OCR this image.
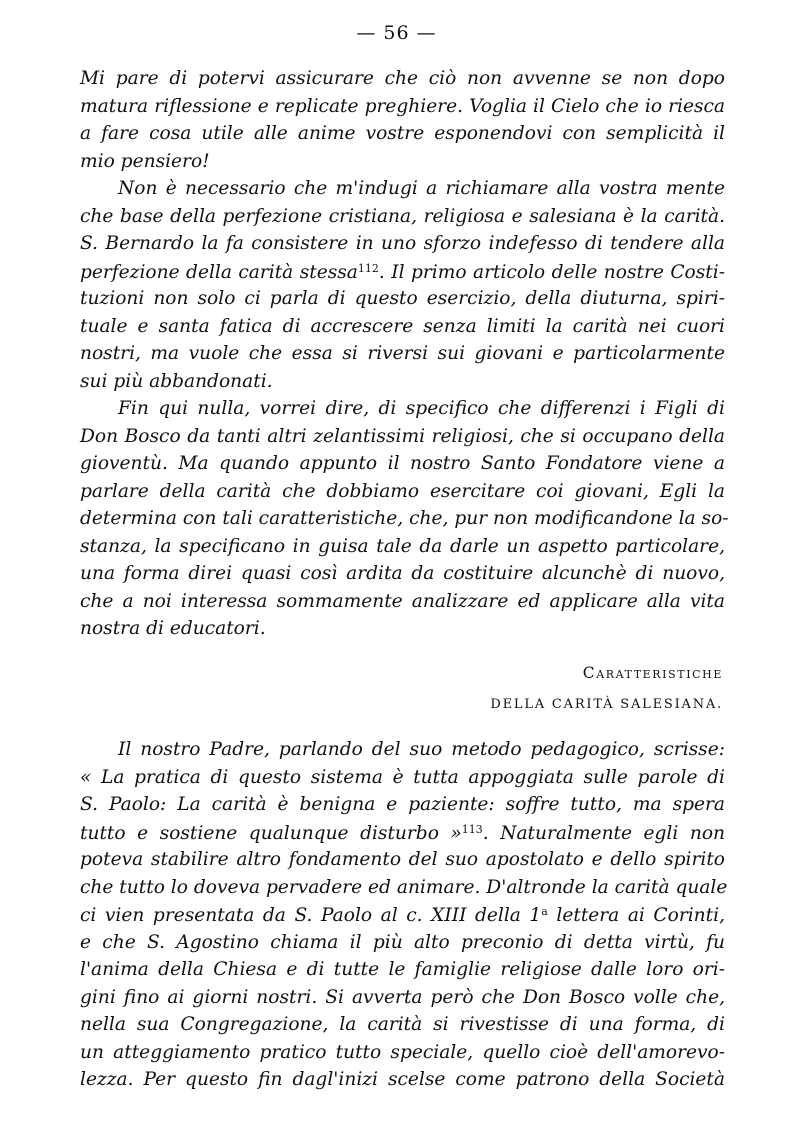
— 56 —
Mi pare di potervi assicurare che ciò non avvenne se non dopo
matura riflessione e replicate preghiere. Voglia il Cielo che io riesca
a fare cosa utile alle anime vostre esponendovi con semplicità il
mio pensiero!
Non è necessario che m'indugi a richiamare alla vostra mente
che base della perfezione cristiana, religiosa e salesiana è la carità.
S. Bernardo la fa consistere in uno sforzo indefesso di tendere alla
perfezione della carità stessa$^{112}$. Il primo articolo delle nostre Costi-
tuzioni non solo ci parla di questo esercizio, della diuturna, spiri-
tuale e santa fatica di accrescere senza limiti la carità nei cuori
nostri, ma vuole che essa si riversi sui giovani e particolarmente
sui più abbandonati.
Fin qui nulla, vorrei dire, di specifico che differenzi i Figli di
Don Bosco da tanti altri zelantissimi religiosi, che si occupano della
gioventù. Ma quando appunto il nostro Santo Fondatore viene a
parlare della carità che dobbiamo esercitare coi giovani, Egli la
determina con tali caratteristiche, che, pur non modificandone la so-
stanza, la specificano in guisa tale da darle un aspetto particolare,
una forma direi quasi così ardita da costituire alcunchè di nuovo,
che a noi interessa sommamente analizzare ed applicare alla vita
nostra di educatori.
Caratteristiche
DELLA CARITÀ SALESIANA.
Il nostro Padre, parlando del suo metodo pedagogico, scrisse:
« La pratica di questo sistema è tutta appoggiata sulle parole di
S. Paolo: La carità è benigna e paziente: soffre tutto, ma spera
tutto e sostiene qualunque disturbo »$^{113}$. Naturalmente egli non
poteva stabilire altro fondamento del suo apostolato e dello spirito
che tutto lo doveva pervadere ed animare. D'altronde la carità quale
ci vien presentata da S. Paolo al c. XIII della 1$^a$ lettera ai Corinti,
e che S. Agostino chiama il più alto preconio di detta virtù, fu
l'anima della Chiesa e di tutte le famiglie religiose dalle loro ori-
gini fino ai giorni nostri. Si avverta però che Don Bosco volle che,
nella sua Congregazione, la carità si rivestisse di una forma, di
un atteggiamento pratico tutto speciale, quello cioè dell'amorevo-
lezza. Per questo fin dagl'inizi scelse come patrono della Società
